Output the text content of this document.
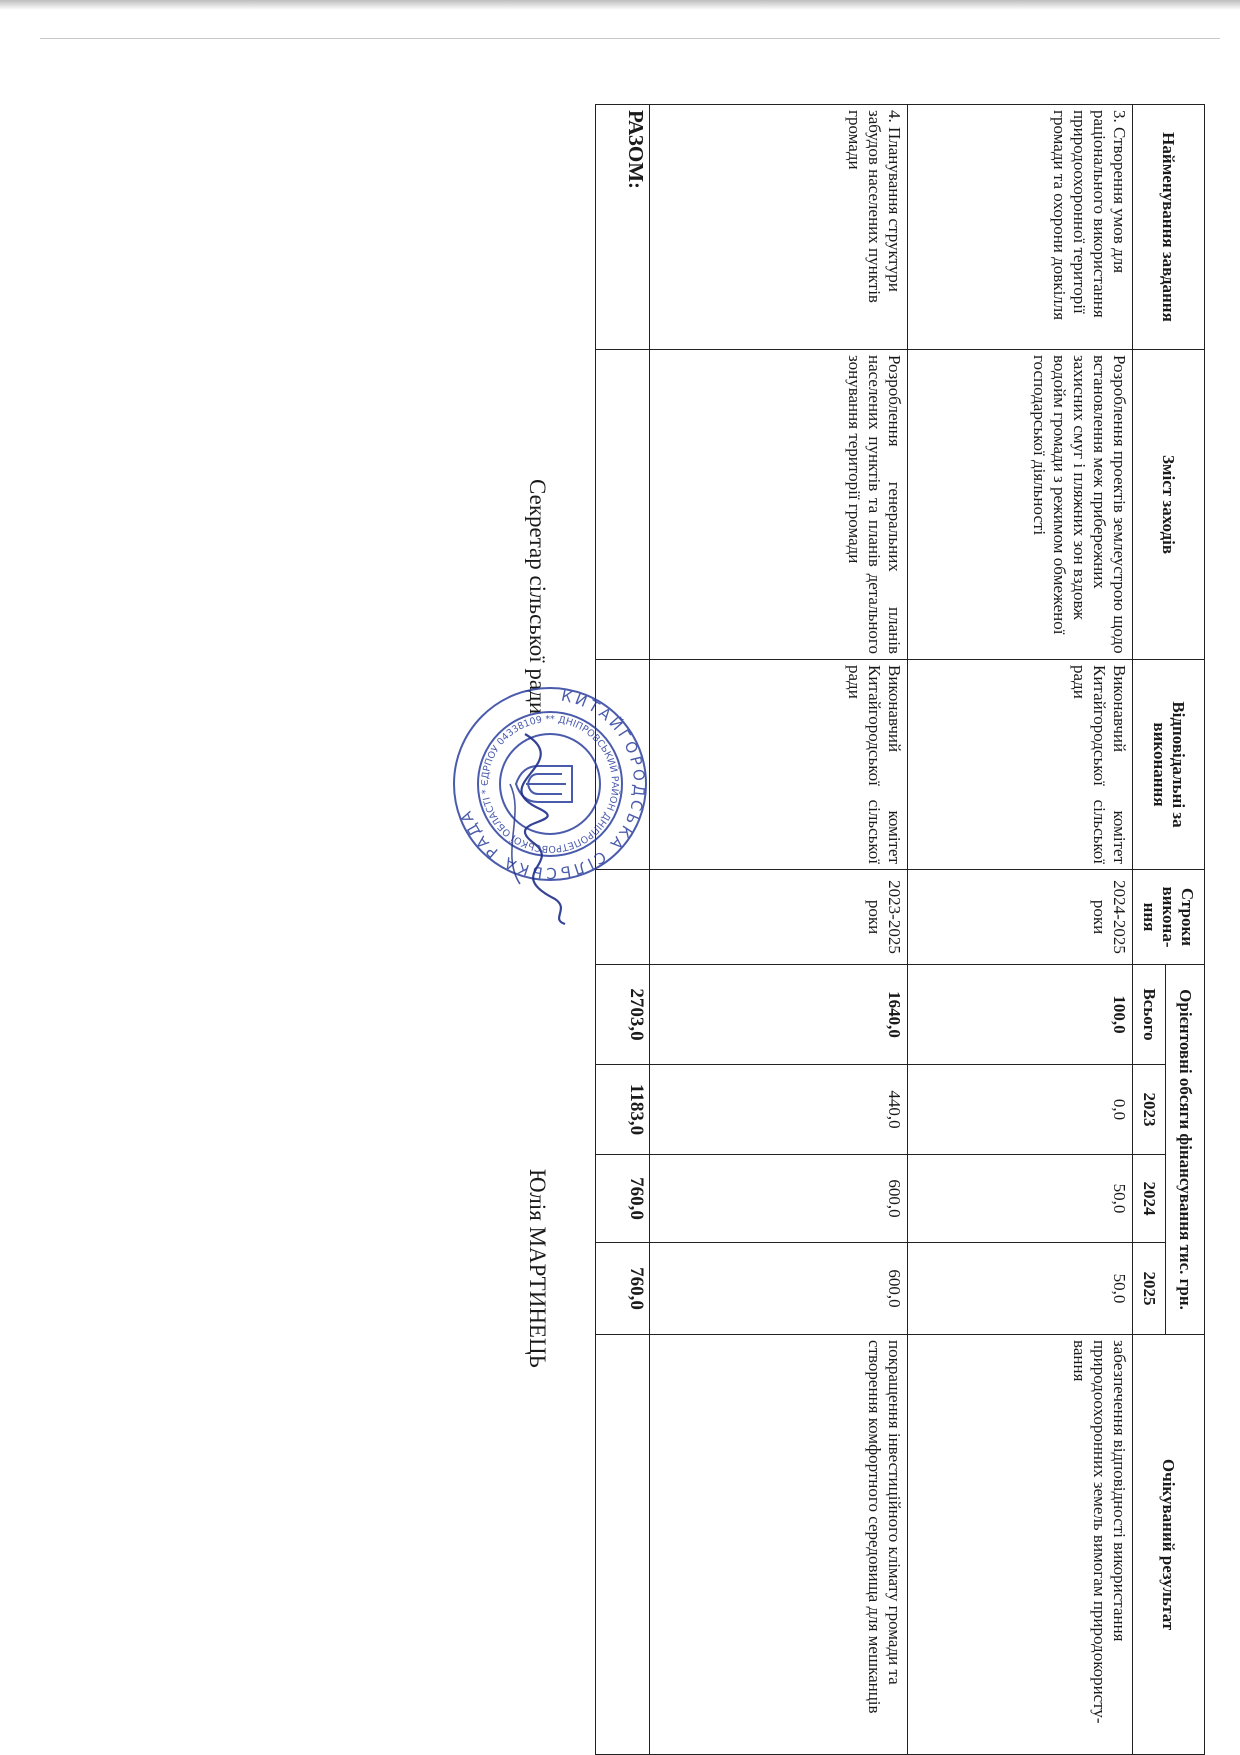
Найменування завдання	Зміст заходів	Відповідальні за виконання	Строки викона-ння	Орієнтовні обсяги фінансування тис. грн.				Очікуваний результат
				Всього	2023	2024	2025	
3. Створення умов для раціонального використання природоохоронної території громади та охорони довкілля	Розроблення проектів землеустрою щодо встановлення меж прибережних захисних смуг і пляжних зон вздовж водойм громади з режимом обмеженої господарської діяльності	Виконавчий комітет Китайгородської сільської ради	2024-2025 роки	100,0	0,0	50,0	50,0	забезпечення відповідності використання природоохоронних земель вимогам природокористу-вання
4. Планування структури забудов населених пунктів громади	Розроблення генеральних планів населених пунктів та планів детального зонування території громади	Виконавчий комітет Китайгородської сільської ради	2023-2025 роки	1640,0	440,0	600,0	600,0	покращення інвестиційного клімату громади та створення комфортного середовища для мешканців
РАЗОМ:				2703,0	1183,0	760,0	760,0	
Секретар сільської ради
Юлія МАРТИНЕЦЬ
КИТАЙГОРОДСЬКА СІЛЬСЬКА РАДА
* ДНІПРОВСЬКИЙ РАЙОН ДНІПРОПЕТРОВСЬКОЇ ОБЛАСТІ * ЄДРПОУ 04338109 *
